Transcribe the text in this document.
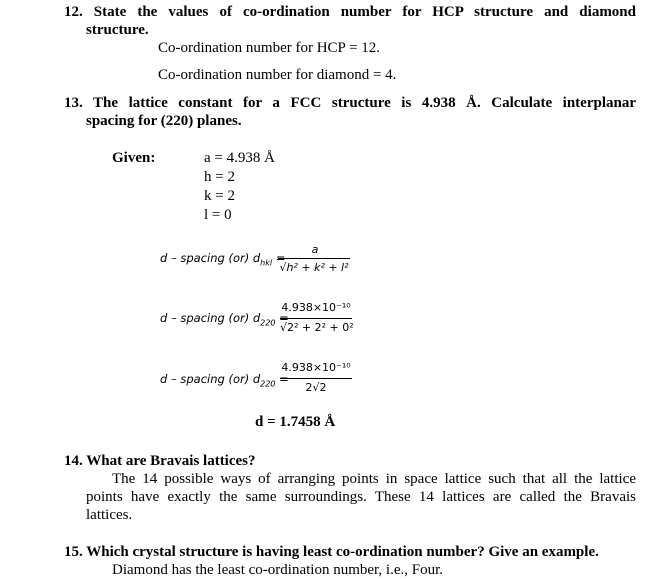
12. State the values of co-ordination number for HCP structure and diamond
structure.
Co-ordination number for HCP = 12.
Co-ordination number for diamond = 4.
13. The lattice constant for a FCC structure is 4.938 Å. Calculate interplanar
spacing for (220) planes.
Given:	a = 4.938 Å
h = 2
k = 2
l = 0
d – spacing (or) $d_{hkl}$ =
a
√h² + k² + l²
d – spacing (or) $d_{220}$ =
4.938×10⁻¹⁰
√2² + 2² + 0²
d – spacing (or) $d_{220}$ =
4.938×10⁻¹⁰
2√2
d = 1.7458 Å
14. What are Bravais lattices?
The 14 possible ways of arranging points in space lattice such that all the lattice
points have exactly the same surroundings. These 14 lattices are called the Bravais
lattices.
15. Which crystal structure is having least co-ordination number? Give an example.
Diamond has the least co-ordination number, i.e., Four.
